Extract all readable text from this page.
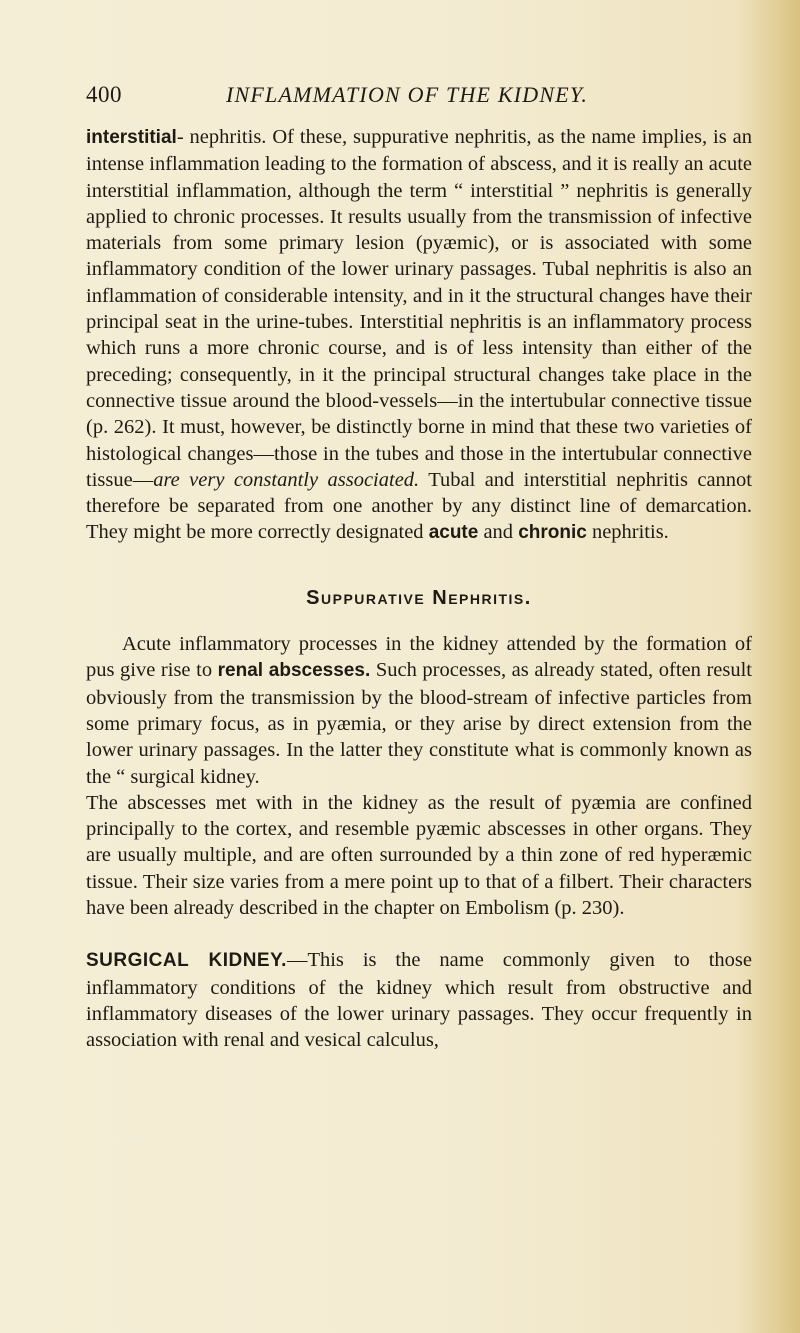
400	INFLAMMATION OF THE KIDNEY.

interstitial- nephritis. Of these, suppurative nephritis, as the name implies, is an intense inflammation leading to the formation of abscess, and it is really an acute interstitial inflammation, although the term “ interstitial ” nephritis is generally applied to chronic processes. It results usually from the transmission of infective materials from some primary lesion (pyæmic), or is associated with some inflammatory condition of the lower urinary passages. Tubal nephritis is also an inflammation of considerable intensity, and in it the structural changes have their principal seat in the urine-tubes. Interstitial nephritis is an inflammatory process which runs a more chronic course, and is of less intensity than either of the preceding; consequently, in it the principal structural changes take place in the connective tissue around the blood-vessels—in the intertubular connective tissue (p. 262). It must, however, be distinctly borne in mind that these two varieties of histological changes—those in the tubes and those in the intertubular connective tissue—are very constantly associated. Tubal and interstitial nephritis cannot therefore be separated from one another by any distinct line of demarcation. They might be more correctly designated acute and chronic nephritis.

Suppurative Nephritis.

Acute inflammatory processes in the kidney attended by the formation of pus give rise to renal abscesses. Such processes, as already stated, often result obviously from the transmission by the blood-stream of infective particles from some primary focus, as in pyæmia, or they arise by direct extension from the lower urinary passages. In the latter they constitute what is commonly known as the “ surgical kidney.

The abscesses met with in the kidney as the result of pyæmia are confined principally to the cortex, and resemble pyæmic abscesses in other organs. They are usually multiple, and are often surrounded by a thin zone of red hyperæmic tissue. Their size varies from a mere point up to that of a filbert. Their characters have been already described in the chapter on Embolism (p. 230).

SURGICAL KIDNEY.—This is the name commonly given to those inflammatory conditions of the kidney which result from obstructive and inflammatory diseases of the lower urinary passages. They occur frequently in association with renal and vesical calculus,
